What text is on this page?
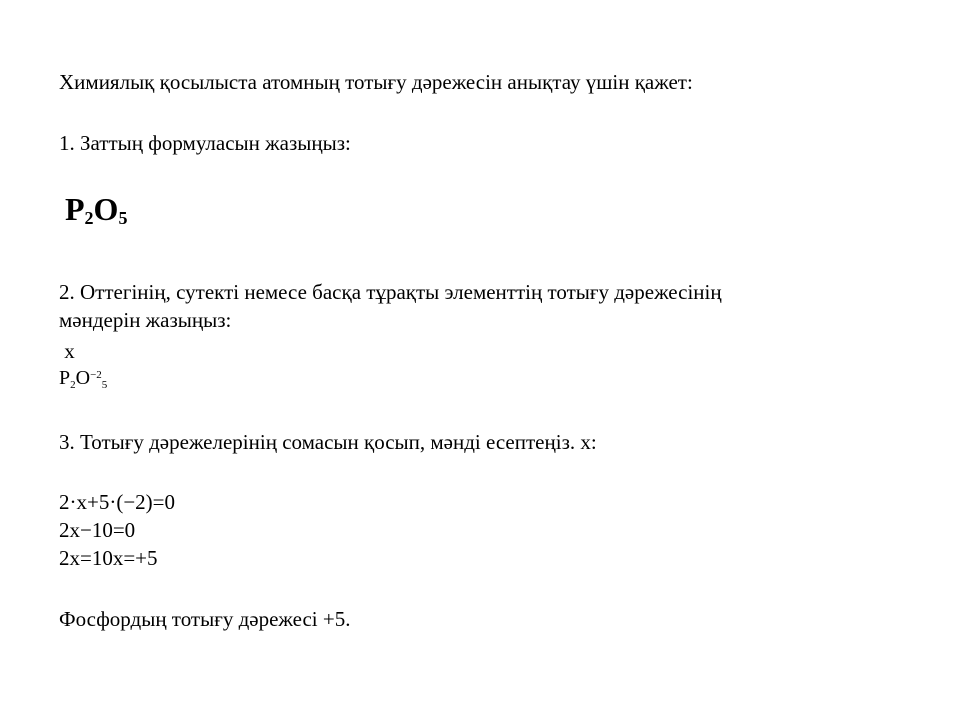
Химиялық қосылыста атомның тотығу дәрежесін анықтау үшін қажет:
1. Заттың формуласын жазыңыз:
$P_2O_5$
2. Оттегінің, сутекті немесе басқа тұрақты элементтің тотығу дәрежесінің
мәндерін жазыңыз:
x
$P_2O^{-2}_5$
3. Тотығу дәрежелерінің сомасын қосып, мәнді есептеңіз. x:
2·x+5·(−2)=0
2x−10=0
2x=10x=+5
Фосфордың тотығу дәрежесі +5.
